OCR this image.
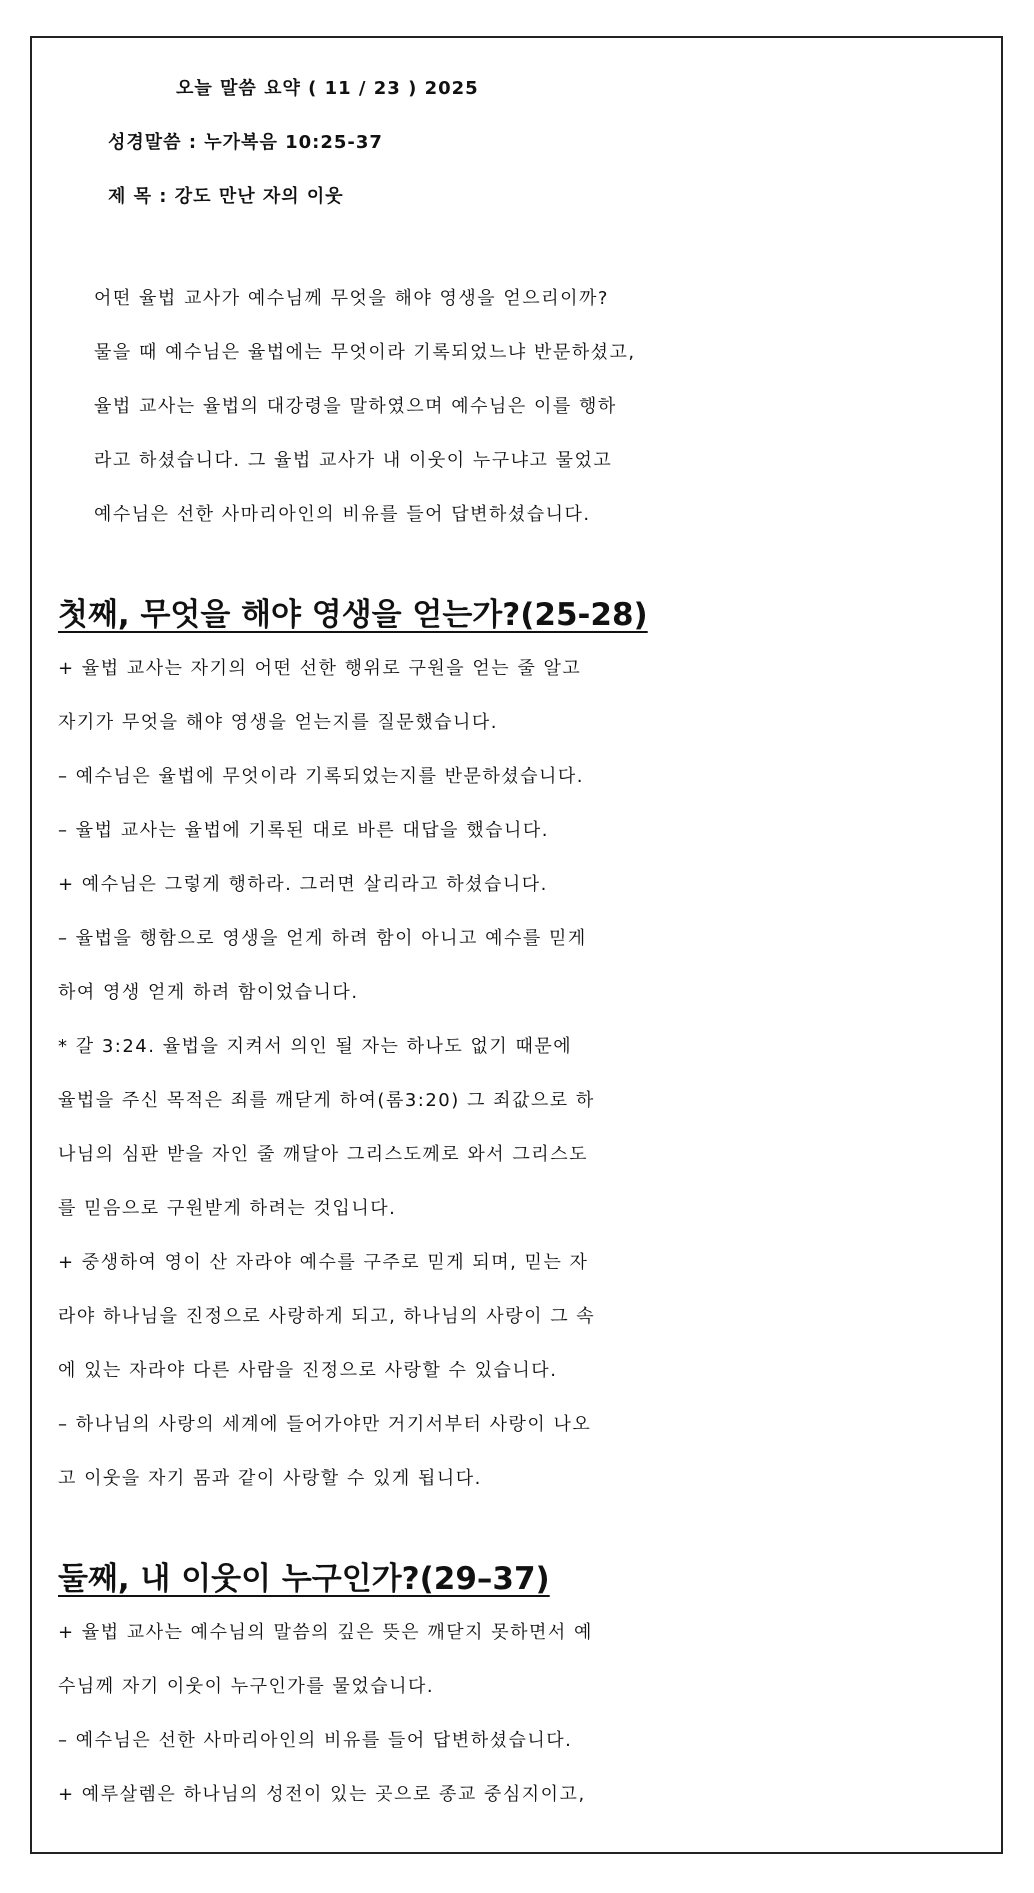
오늘 말씀 요약 ( 11 / 23 ) 2025
성경말씀 : 누가복음 10:25-37
제 목 : 강도 만난 자의 이웃
어떤 율법 교사가 예수님께 무엇을 해야 영생을 얻으리이까?
물을 때 예수님은 율법에는 무엇이라 기록되었느냐 반문하셨고,
율법 교사는 율법의 대강령을 말하였으며 예수님은 이를 행하
라고 하셨습니다. 그 율법 교사가 내 이웃이 누구냐고 물었고
예수님은 선한 사마리아인의 비유를 들어 답변하셨습니다.
첫째, 무엇을 해야 영생을 얻는가?(25-28)
+ 율법 교사는 자기의 어떤 선한 행위로 구원을 얻는 줄 알고
자기가 무엇을 해야 영생을 얻는지를 질문했습니다.
– 예수님은 율법에 무엇이라 기록되었는지를 반문하셨습니다.
– 율법 교사는 율법에 기록된 대로 바른 대답을 했습니다.
+ 예수님은 그렇게 행하라. 그러면 살리라고 하셨습니다.
– 율법을 행함으로 영생을 얻게 하려 함이 아니고 예수를 믿게
하여 영생 얻게 하려 함이었습니다.
* 갈 3:24. 율법을 지켜서 의인 될 자는 하나도 없기 때문에
율법을 주신 목적은 죄를 깨닫게 하여(롬3:20) 그 죄값으로 하
나님의 심판 받을 자인 줄 깨달아 그리스도께로 와서 그리스도
를 믿음으로 구원받게 하려는 것입니다.
+ 중생하여 영이 산 자라야 예수를 구주로 믿게 되며, 믿는 자
라야 하나님을 진정으로 사랑하게 되고, 하나님의 사랑이 그 속
에 있는 자라야 다른 사람을 진정으로 사랑할 수 있습니다.
– 하나님의 사랑의 세계에 들어가야만 거기서부터 사랑이 나오
고 이웃을 자기 몸과 같이 사랑할 수 있게 됩니다.
둘째, 내 이웃이 누구인가?(29–37)
+ 율법 교사는 예수님의 말씀의 깊은 뜻은 깨닫지 못하면서 예
수님께 자기 이웃이 누구인가를 물었습니다.
– 예수님은 선한 사마리아인의 비유를 들어 답변하셨습니다.
+ 예루살렘은 하나님의 성전이 있는 곳으로 종교 중심지이고,
